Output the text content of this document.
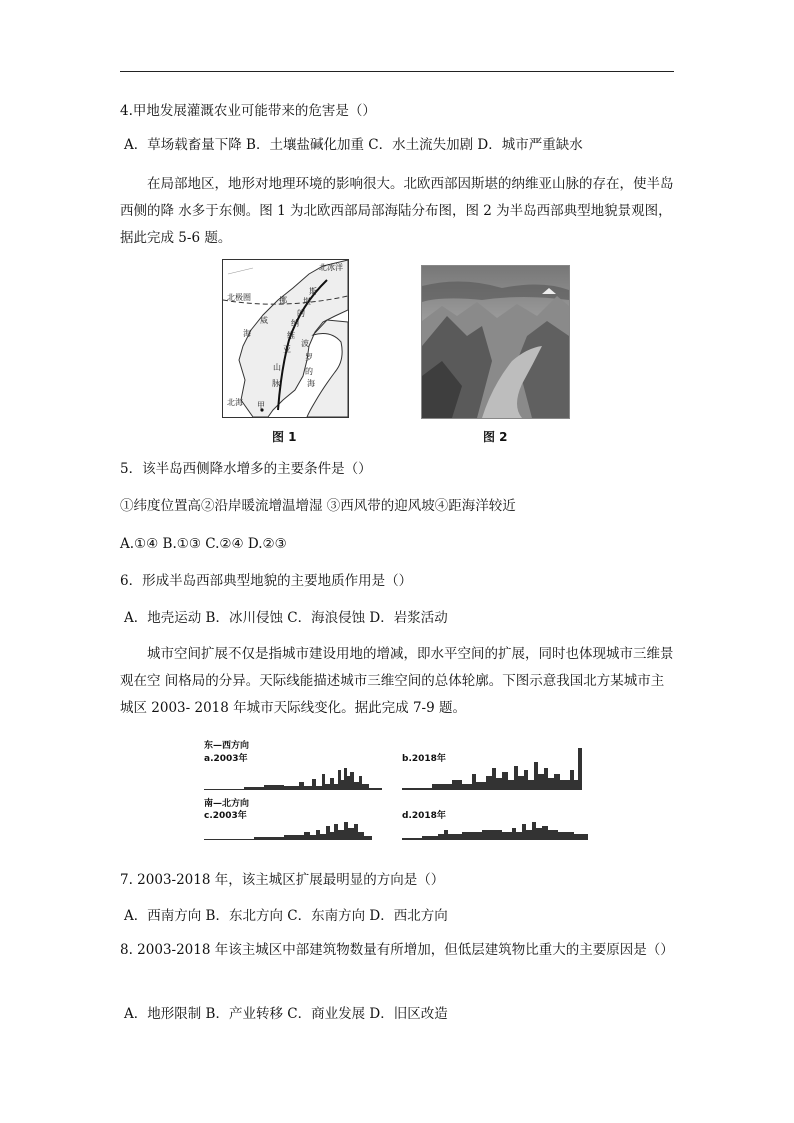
4.甲地发展灌溉农业可能带来的危害是（）
A．草场载畜量下降 B．土壤盐碱化加重 C．水土流失加剧 D．城市严重缺水
在局部地区，地形对地理环境的影响很大。北欧西部因斯堪的纳维亚山脉的存在，使半岛西侧的降 水多于东侧。图 1 为北欧西部局部海陆分布图，图 2 为半岛西部典型地貌景观图，据此完成 5-6 题。
北冰洋
北极圈	挪
威
海
北海
斯
堪
的
纳
维
亚
山
脉
波
罗
的
海
甲
图 1	图 2
5．该半岛西侧降水增多的主要条件是（）
①纬度位置高②沿岸暖流增温增湿 ③西风带的迎风坡④距海洋较近
A.①④ B.①③ C.②④ D.②③
6．形成半岛西部典型地貌的主要地质作用是（）
A．地壳运动 B．冰川侵蚀 C．海浪侵蚀 D．岩浆活动
城市空间扩展不仅是指城市建设用地的增减，即水平空间的扩展，同时也体现城市三维景观在空 间格局的分异。天际线能描述城市三维空间的总体轮廓。下图示意我国北方某城市主城区 2003- 2018 年城市天际线变化。据此完成 7-9 题。
东—西方向
a.2003年	b.2018年
南—北方向
c.2003年	d.2018年
7. 2003-2018 年，该主城区扩展最明显的方向是（）
A．西南方向 B．东北方向 C．东南方向 D．西北方向
8. 2003-2018 年该主城区中部建筑物数量有所增加，但低层建筑物比重大的主要原因是（）
A．地形限制 B．产业转移 C．商业发展 D．旧区改造
